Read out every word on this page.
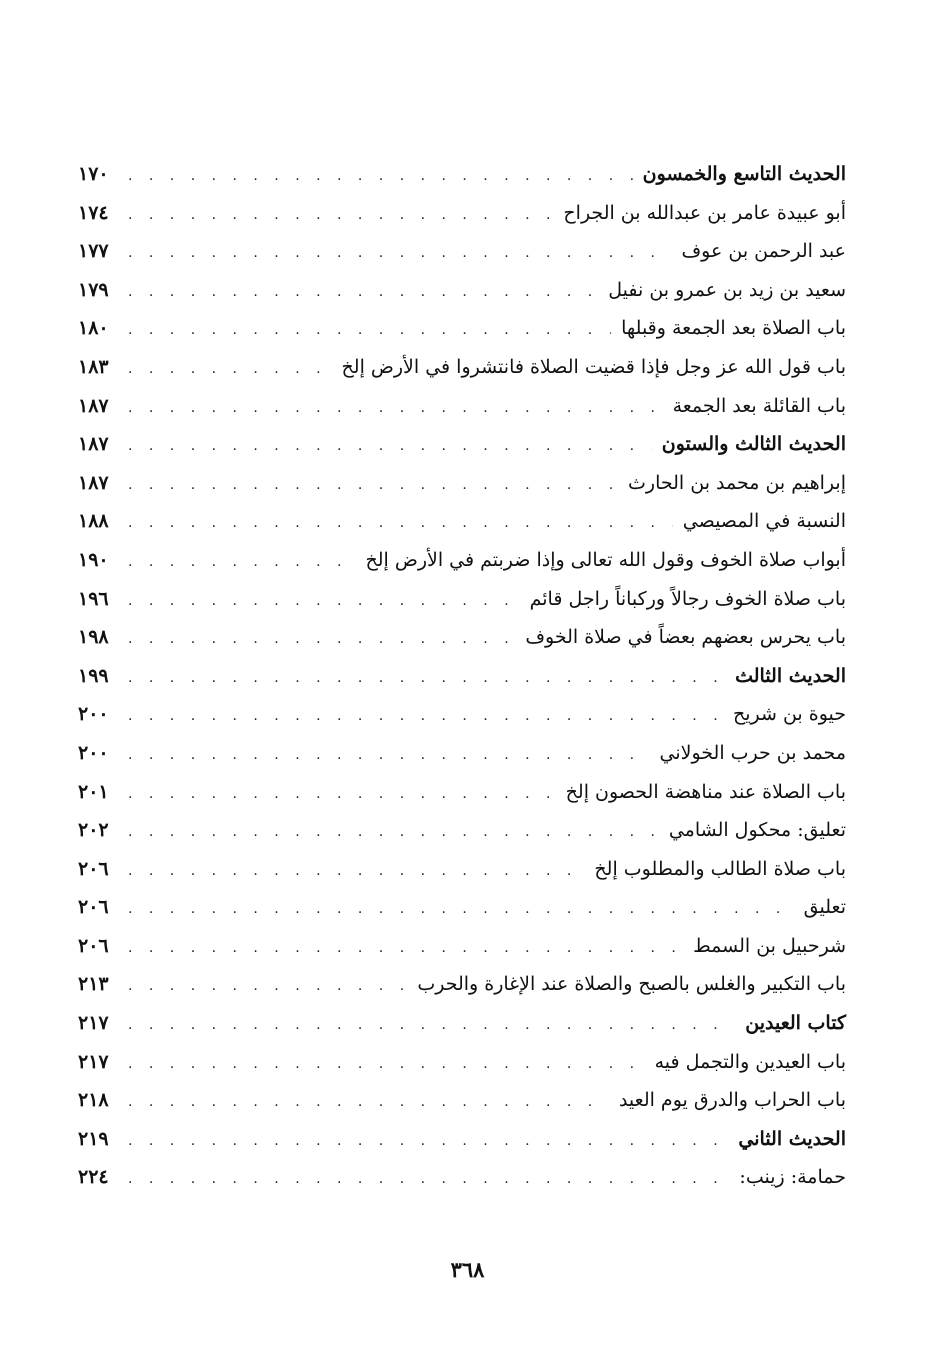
الحديث التاسع والخمسون
. . .
١٧٠
أبو عبيدة عامر بن عبدالله بن الجراح
. . .
١٧٤
عبد الرحمن بن عوف
. . .
١٧٧
سعيد بن زيد بن عمرو بن نفيل
. . .
١٧٩
باب الصلاة بعد الجمعة وقبلها
. . .
١٨٠
باب قول الله عز وجل فإذا قضيت الصلاة فانتشروا في الأرض إلخ
. . .
١٨٣
باب القائلة بعد الجمعة
. . .
١٨٧
الحديث الثالث والستون
. . .
١٨٧
إبراهيم بن محمد بن الحارث
. . .
١٨٧
النسبة في المصيصي
. . .
١٨٨
أبواب صلاة الخوف وقول الله تعالى وإذا ضربتم في الأرض إلخ
. . .
١٩٠
باب صلاة الخوف رجالاً وركباناً راجل قائم
. . .
١٩٦
باب يحرس بعضهم بعضاً في صلاة الخوف
. . .
١٩٨
الحديث الثالث
. . .
١٩٩
حيوة بن شريح
. . .
٢٠٠
محمد بن حرب الخولاني
. . .
٢٠٠
باب الصلاة عند مناهضة الحصون إلخ
. . .
٢٠١
تعليق: محكول الشامي
. . .
٢٠٢
باب صلاة الطالب والمطلوب إلخ
. . .
٢٠٦
تعليق
. . .
٢٠٦
شرحبيل بن السمط
. . .
٢٠٦
باب التكبير والغلس بالصبح والصلاة عند الإغارة والحرب
. . .
٢١٣
كتاب العيدين
. . .
٢١٧
باب العيدين والتجمل فيه
. . .
٢١٧
باب الحراب والدرق يوم العيد
. . .
٢١٨
الحديث الثاني
. . .
٢١٩
حمامة: زينب:
. . .
٢٢٤
٣٦٨
